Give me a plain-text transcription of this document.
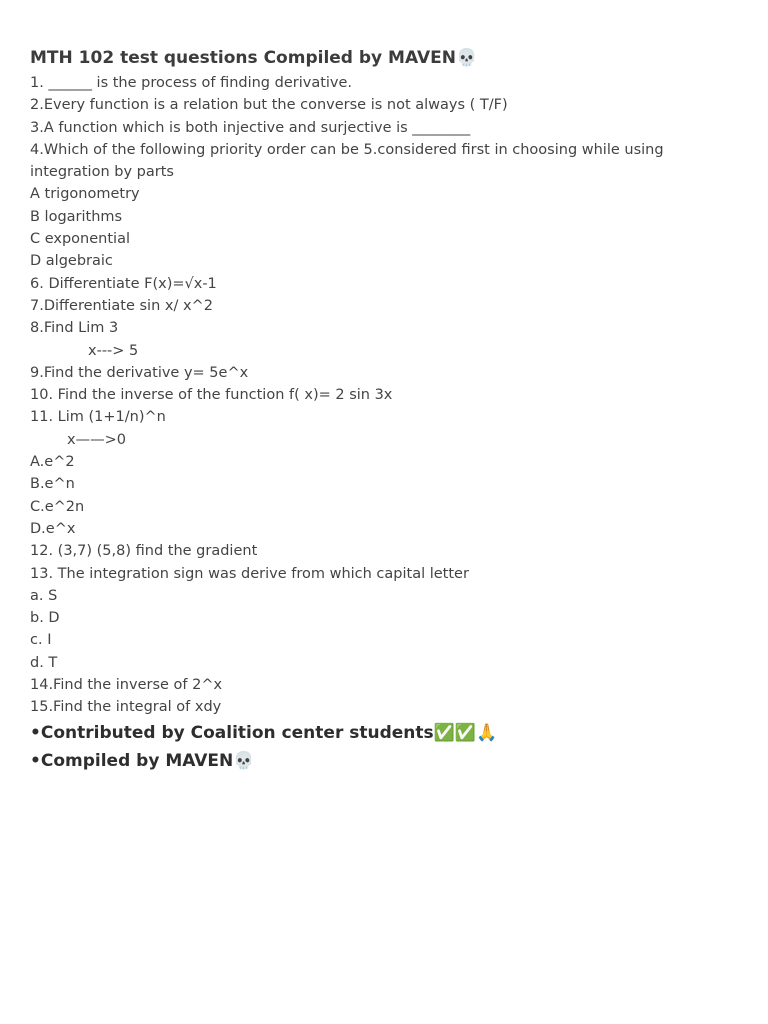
MTH 102 test questions Compiled by MAVEN💀
1. ______ is the process of finding derivative.
2.Every function is a relation but the converse is not always ( T/F)
3.A function which is both injective and surjective is ________
4.Which of the following priority order can be 5.considered first in choosing while using integration by parts
A trigonometry
B logarithms
C exponential
D algebraic
6. Differentiate F(x)=√x-1
7.Differentiate sin x/ x^2
8.Find Lim 3
x---> 5
9.Find the derivative y= 5e^x
10. Find the inverse of the function f( x)= 2 sin 3x
11. Lim (1+1/n)^n
x——>0
A.e^2
B.e^n
C.e^2n
D.e^x
12. (3,7) (5,8) find the gradient
13. The integration sign was derive from which capital letter
a. S
b. D
c. I
d. T
14.Find the inverse of 2^x
15.Find the integral of xdy
•Contributed by Coalition center students✅✅🙏
•Compiled by MAVEN💀
